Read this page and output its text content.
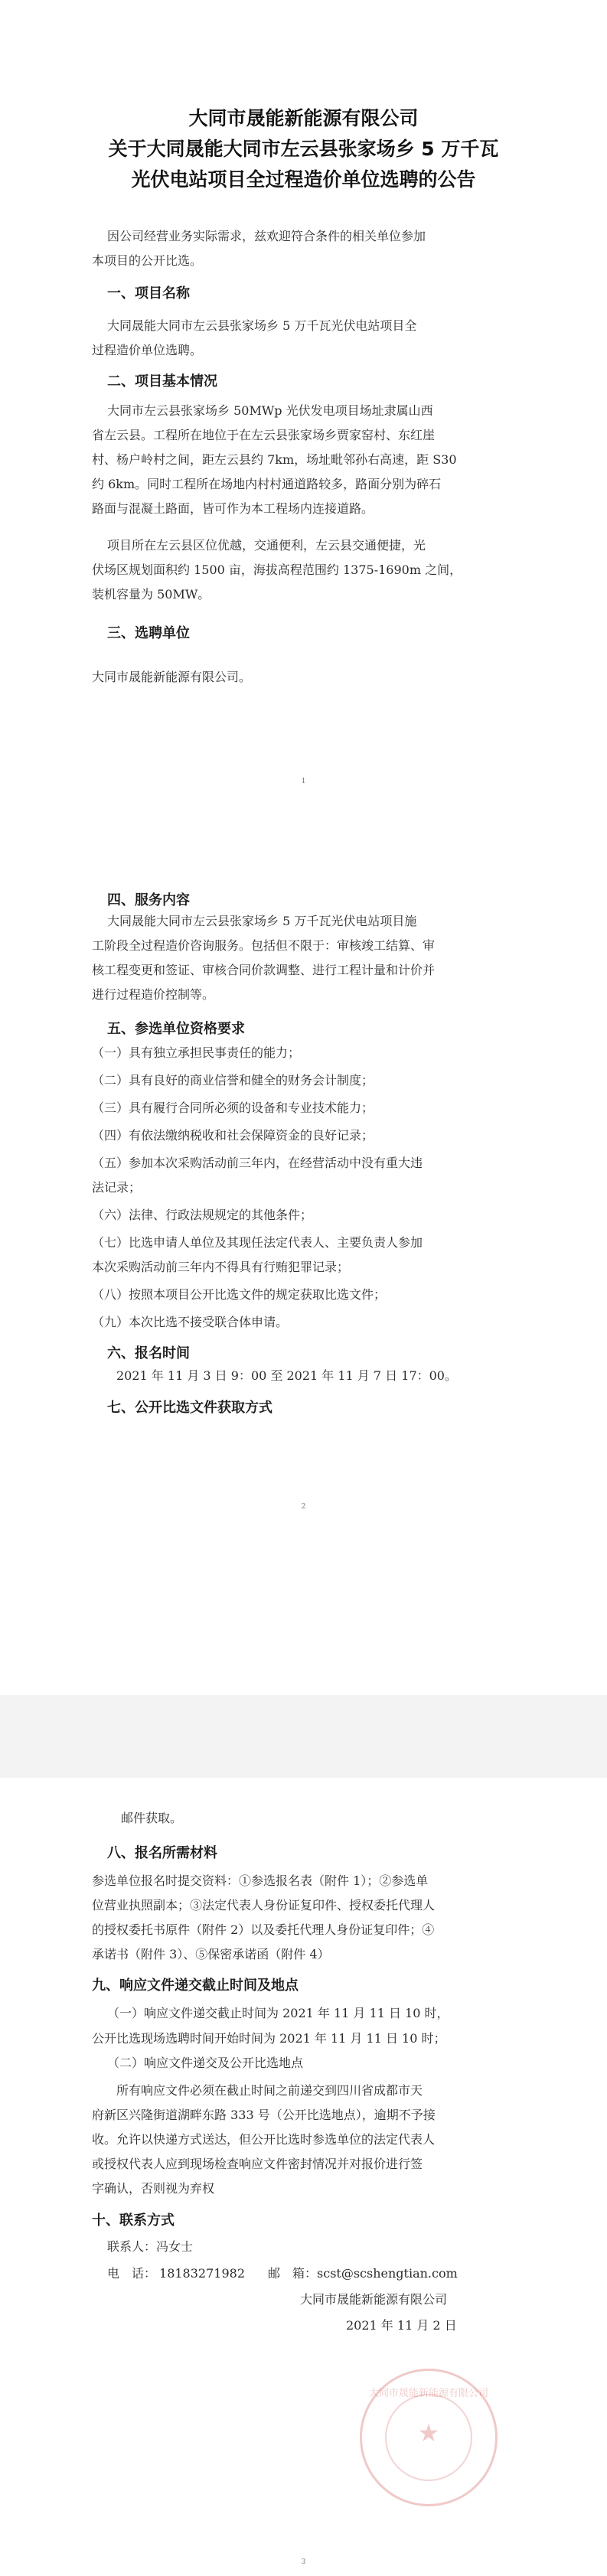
大同市晟能新能源有限公司
关于大同晟能大同市左云县张家场乡 5 万千瓦
光伏电站项目全过程造价单位选聘的公告
因公司经营业务实际需求，兹欢迎符合条件的相关单位参加
本项目的公开比选。
一、项目名称
大同晟能大同市左云县张家场乡 5 万千瓦光伏电站项目全
过程造价单位选聘。
二、项目基本情况
大同市左云县张家场乡 50MWp 光伏发电项目场址隶属山西
省左云县。工程所在地位于在左云县张家场乡贾家窑村、东红崖
村、杨户岭村之间，距左云县约 7km，场址毗邻孙右高速，距 S30
约 6km。同时工程所在场地内村村通道路较多，路面分别为碎石
路面与混凝土路面，皆可作为本工程场内连接道路。
项目所在左云县区位优越，交通便利，左云县交通便捷，光
伏场区规划面积约 1500 亩，海拔高程范围约 1375-1690m 之间，
装机容量为 50MW。
三、选聘单位
大同市晟能新能源有限公司。
1
四、服务内容
大同晟能大同市左云县张家场乡 5 万千瓦光伏电站项目施
工阶段全过程造价咨询服务。包括但不限于：审核竣工结算、审
核工程变更和签证、审核合同价款调整、进行工程计量和计价并
进行过程造价控制等。
五、参选单位资格要求
（一）具有独立承担民事责任的能力；
（二）具有良好的商业信誉和健全的财务会计制度；
（三）具有履行合同所必须的设备和专业技术能力；
（四）有依法缴纳税收和社会保障资金的良好记录；
（五）参加本次采购活动前三年内，在经营活动中没有重大违
法记录；
（六）法律、行政法规规定的其他条件；
（七）比选申请人单位及其现任法定代表人、主要负责人参加
本次采购活动前三年内不得具有行贿犯罪记录；
（八）按照本项目公开比选文件的规定获取比选文件；
（九）本次比选不接受联合体申请。
六、报名时间
2021 年 11 月 3 日 9：00 至 2021 年 11 月 7 日 17：00。
七、公开比选文件获取方式
2
邮件获取。
八、报名所需材料
参选单位报名时提交资料：①参选报名表（附件 1）；②参选单
位营业执照副本；③法定代表人身份证复印件、授权委托代理人
的授权委托书原件（附件 2）以及委托代理人身份证复印件；④
承诺书（附件 3）、⑤保密承诺函（附件 4）
九、响应文件递交截止时间及地点
（一）响应文件递交截止时间为 2021 年 11 月 11 日 10 时，
公开比选现场选聘时间开始时间为 2021 年 11 月 11 日 10 时；
（二）响应文件递交及公开比选地点
所有响应文件必须在截止时间之前递交到四川省成都市天
府新区兴隆街道湖畔东路 333 号（公开比选地点），逾期不予接
收。允许以快递方式送达，但公开比选时参选单位的法定代表人
或授权代表人应到现场检查响应文件密封情况并对报价进行签
字确认，否则视为弃权
十、联系方式
联系人：冯女士
电　话： 18183271982 邮　箱：scst@scshengtian.com
大同市晟能新能源有限公司
★
大同市晟能新能源有限公司
2021 年 11 月 2 日
3
